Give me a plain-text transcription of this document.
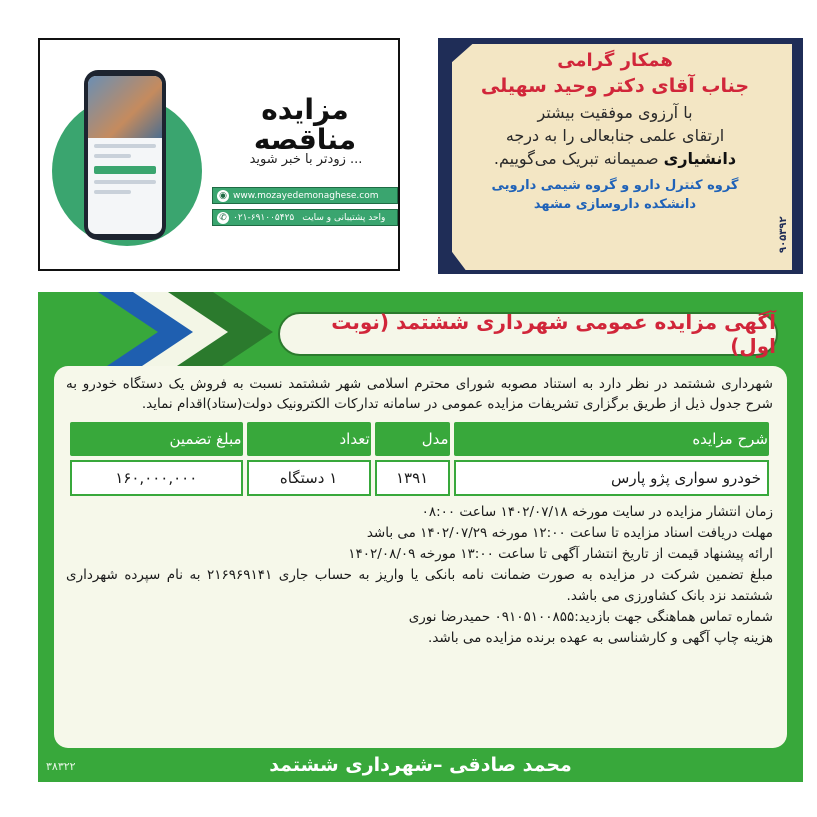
مزایده
مناقصه
زودتر با خبر شوید ...
◉ www.mozayedemonaghese.com
✆ ۰۲۱-۶۹۱۰۰۵۴۲۵ واحد پشتیبانی و سایت
همکار گرامی
جناب آقای دکتر وحید سهیلی
با آرزوی موفقیت بیشتر
ارتقای علمی جنابعالی را به درجه
دانشیاری صمیمانه تبریک می‌گوییم.
گروه کنترل دارو و گروه شیمی دارویی
دانشکده داروسازی مشهد
۹۰۵۳۹۲
آگهی مزایده عمومی شهرداری ششتمد (نوبت اول)

شهرداری ششتمد در نظر دارد به استناد مصوبه شورای محترم اسلامی شهر ششتمد نسبت به فروش یک دستگاه خودرو به شرح جدول ذیل از طریق برگزاری تشریفات مزایده عمومی در سامانه تدارکات الکترونیک دولت(ستاد)اقدام نماید.

شرح مزایده	مدل	تعداد	مبلغ تضمین
خودرو سواری پژو پارس	۱۳۹۱	۱ دستگاه	۱۶۰,۰۰۰,۰۰۰

زمان انتشار مزایده در سایت مورخه ۱۴۰۲/۰۷/۱۸ ساعت ۰۸:۰۰

مهلت دریافت اسناد مزایده تا ساعت ۱۲:۰۰ مورخه ۱۴۰۲/۰۷/۲۹ می باشد

ارائه پیشنهاد قیمت از تاریخ انتشار آگهی تا ساعت ۱۳:۰۰ مورخه ۱۴۰۲/۰۸/۰۹

مبلغ تضمین شرکت در مزایده به صورت ضمانت نامه بانکی یا واریز به حساب جاری ۲۱۶۹۶۹۱۴۱ به نام سپرده شهرداری ششتمد نزد بانک کشاورزی می باشد.

شماره تماس هماهنگی جهت بازدید:۰۹۱۰۵۱۰۰۸۵۵ حمیدرضا نوری

هزینه چاپ آگهی و کارشناسی به عهده برنده مزایده می باشد.

محمد صادقی –شهرداری ششتمد
۳۸۳۲۲
